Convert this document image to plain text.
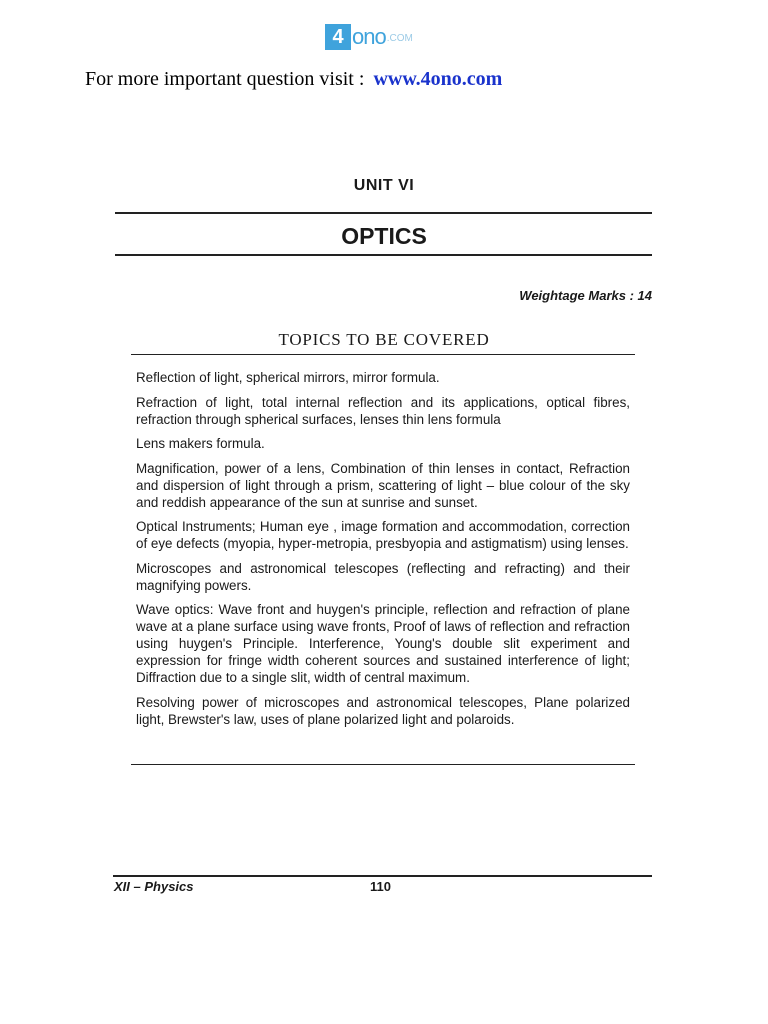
4 ono .COM
For more important question visit : www.4ono.com
UNIT VI
OPTICS
Weightage Marks : 14
TOPICS TO BE COVERED

Reflection of light, spherical mirrors, mirror formula.

Refraction of light, total internal reflection and its applications, optical fibres, refraction through spherical surfaces, lenses thin lens formula

Lens makers formula.

Magnification, power of a lens, Combination of thin lenses in contact, Refraction and dispersion of light through a prism, scattering of light – blue colour of the sky and reddish appearance of the sun at sunrise and sunset.

Optical Instruments; Human eye , image formation and accommodation, correction of eye defects (myopia, hyper-metropia, presbyopia and astigmatism) using lenses.

Microscopes and astronomical telescopes (reflecting and refracting) and their magnifying powers.

Wave optics: Wave front and huygen's principle, reflection and refraction of plane wave at a plane surface using wave fronts, Proof of laws of reflection and refraction using huygen's Principle. Interference, Young's double slit experiment and expression for fringe width coherent sources and sustained interference of light; Diffraction due to a single slit, width of central maximum.

Resolving power of microscopes and astronomical telescopes, Plane polarized light, Brewster's law, uses of plane polarized light and polaroids.

XII – Physics	110
